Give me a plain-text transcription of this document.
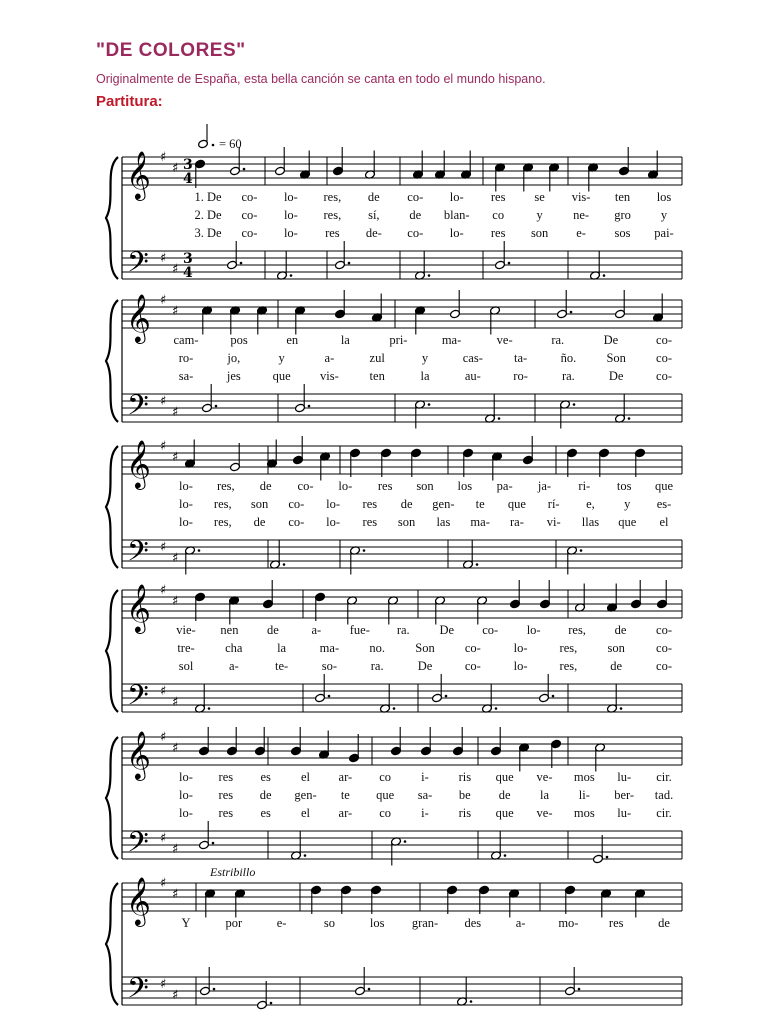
"DE COLORES"

Originalmente de España, esta bella canción se canta en todo el mundo hispano.

Partitura:
= 60
Estribillo
𝄞
𝄢
♯
♯
♯
♯
3
4
3
4
1. De co- lo- res, de co- lo- res se vis- ten los
2. De co- lo- res, sí, de blan- co	y ne- gro y
3. De co- lo- res de- co- lo- res son e- sos pai-
𝄞
𝄢
♯
♯
♯
♯
cam-	pos	en	la	pri-	ma-	ve-	ra.	De	co-
ro-	jo,	y	a-	zul	y	cas- ta-	ño. Son co-
sa-	jes	que vis- ten	la	au-	ro-	ra.	De	co-
𝄞
𝄢
♯
♯
♯
♯
lo- res, de co- lo- res son los pa- ja- ri- tos que
lo- res, son co- lo- res de gen- te que rí- e, y es-
lo- res, de co- lo- res son las ma- ra- vi- llas que el
𝄞
𝄢
♯
♯
♯
♯
vie- nen de	a- fue- ra. De co- lo- res, de co-
tre- cha	la	ma- no. Son co-	lo-	res, son co-
sol	a-	te-	so-	ra.	De	co-	lo-	res,	de	co-
𝄞
𝄢
♯
♯
♯
♯
lo- res es el ar- co i- ris que ve- mos lu- cir.
lo- res de gen- te que sa- be de la li- ber- tad.
lo- res es el ar- co i- ris que ve- mos lu- cir.
𝄞
𝄢
♯
♯
♯
♯
Y	por	e-	so	los gran- des	a-	mo- res	de
